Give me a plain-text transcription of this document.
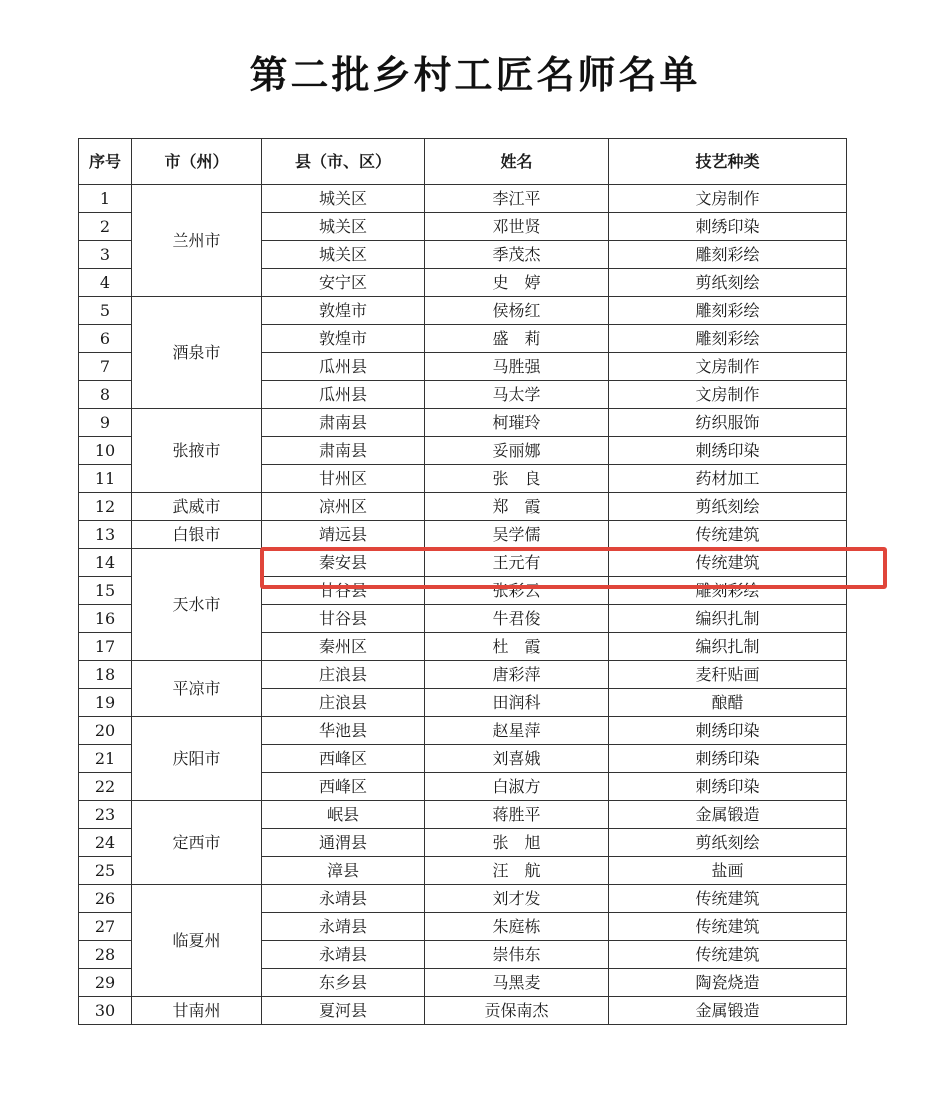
第二批乡村工匠名师名单
序号	市（州）	县（市、区）	姓名	技艺种类
1	兰州市	城关区	李江平	文房制作
2		城关区	邓世贤	刺绣印染
3		城关区	季茂杰	雕刻彩绘
4		安宁区	史　婷	剪纸刻绘
5	酒泉市	敦煌市	侯杨红	雕刻彩绘
6		敦煌市	盛　莉	雕刻彩绘
7		瓜州县	马胜强	文房制作
8		瓜州县	马太学	文房制作
9	张掖市	肃南县	柯璀玲	纺织服饰
10		肃南县	妥丽娜	刺绣印染
11		甘州区	张　良	药材加工
12	武威市	凉州区	郑　霞	剪纸刻绘
13	白银市	靖远县	吴学儒	传统建筑
14	天水市	秦安县	王元有	传统建筑
15		甘谷县	张彩云	雕刻彩绘
16		甘谷县	牛君俊	编织扎制
17		秦州区	杜　霞	编织扎制
18	平凉市	庄浪县	唐彩萍	麦秆贴画
19		庄浪县	田润科	酿醋
20	庆阳市	华池县	赵星萍	刺绣印染
21		西峰区	刘喜娥	刺绣印染
22		西峰区	白淑方	刺绣印染
23	定西市	岷县	蒋胜平	金属锻造
24		通渭县	张　旭	剪纸刻绘
25		漳县	汪　航	盐画
26	临夏州	永靖县	刘才发	传统建筑
27		永靖县	朱庭栋	传统建筑
28		永靖县	崇伟东	传统建筑
29		东乡县	马黑麦	陶瓷烧造
30	甘南州	夏河县	贡保南杰	金属锻造
